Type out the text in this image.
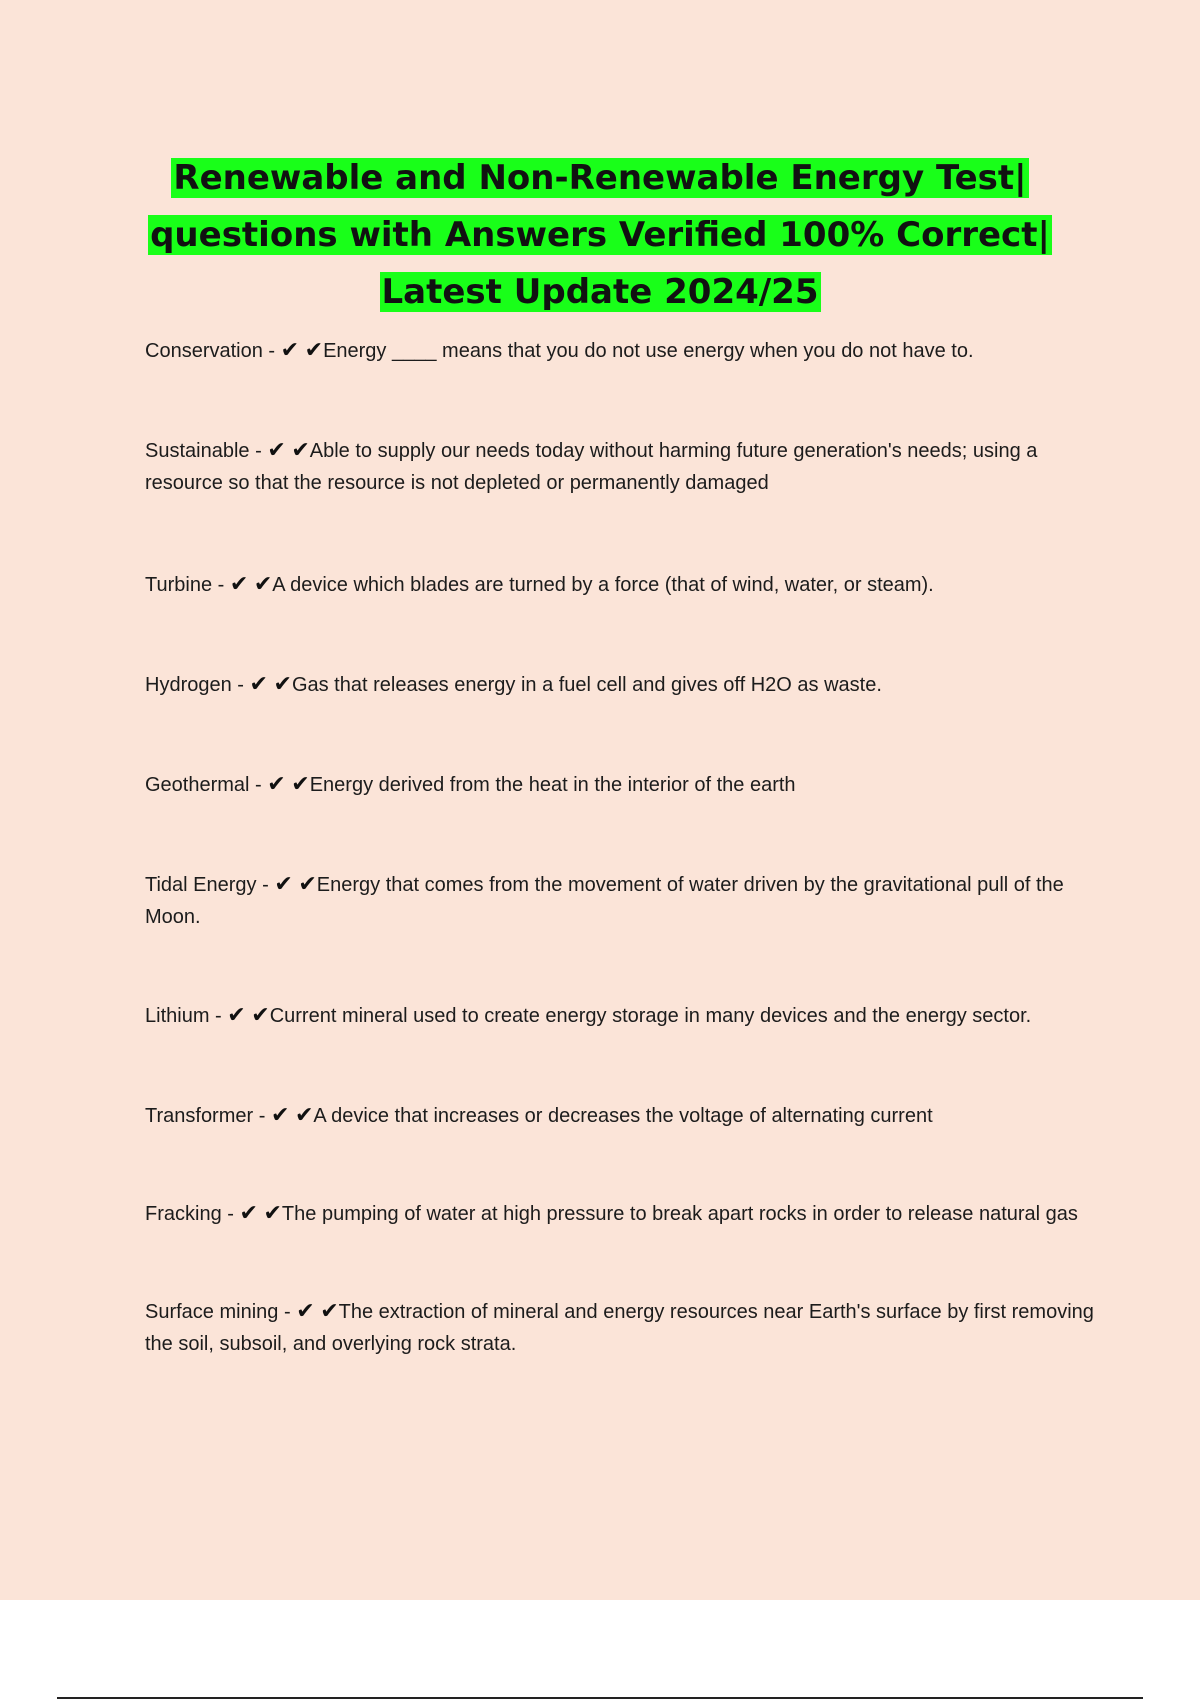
Renewable and Non-Renewable Energy Test|
questions with Answers Verified 100% Correct|
Latest Update 2024/25
Conservation - ✔ ✔Energy ____ means that you do not use energy when you do not have to.
Sustainable - ✔ ✔Able to supply our needs today without harming future generation's needs; using a resource so that the resource is not depleted or permanently damaged
Turbine - ✔ ✔A device which blades are turned by a force (that of wind, water, or steam).
Hydrogen - ✔ ✔Gas that releases energy in a fuel cell and gives off H2O as waste.
Geothermal - ✔ ✔Energy derived from the heat in the interior of the earth
Tidal Energy - ✔ ✔Energy that comes from the movement of water driven by the gravitational pull of the Moon.
Lithium - ✔ ✔Current mineral used to create energy storage in many devices and the energy sector.
Transformer - ✔ ✔A device that increases or decreases the voltage of alternating current
Fracking - ✔ ✔The pumping of water at high pressure to break apart rocks in order to release natural gas
Surface mining - ✔ ✔The extraction of mineral and energy resources near Earth's surface by first removing the soil, subsoil, and overlying rock strata.
